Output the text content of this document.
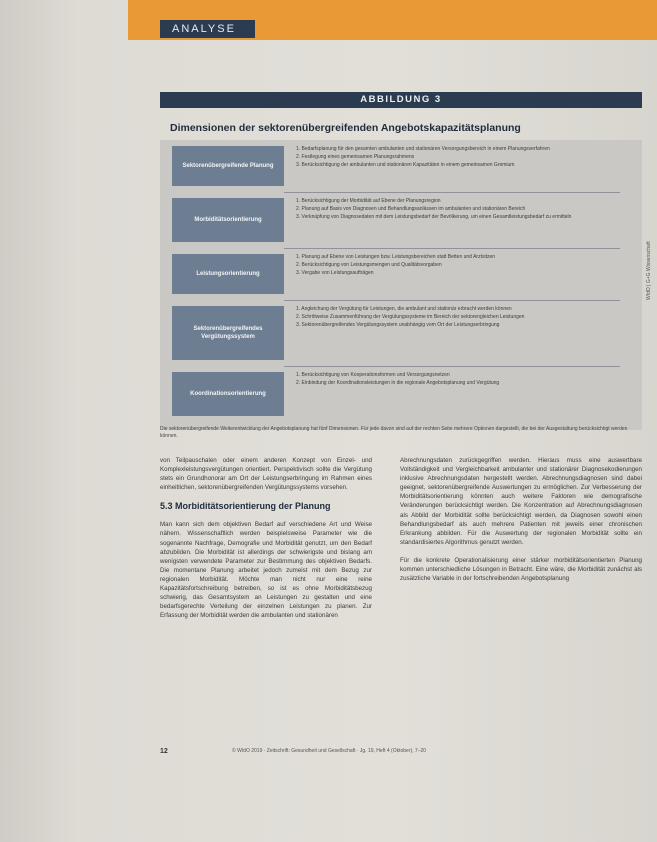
ANALYSE
ABBILDUNG 3
Dimensionen der sektorenübergreifenden Angebotskapazitätsplanung
Sektorenübergreifende Planung
1. Bedarfsplanung für den gesamten ambulanten und stationären Versorgungsbereich in einem Planungsverfahren
2. Festlegung eines gemeinsamen Planungsrahmens
3. Berücksichtigung der ambulanten und stationären Kapazitäten in einem gemeinsamen Gremium
Morbiditätsorientierung
1. Berücksichtigung der Morbidität auf Ebene der Planungsregion
2. Planung auf Basis von Diagnosen und Behandlungsanlässen im ambulanten und stationären Bereich
3. Verknüpfung von Diagnosedaten mit dem Leistungsbedarf der Bevölkerung, um einen Gesamtleistungsbedarf zu ermitteln
Leistungsorientierung
1. Planung auf Ebene von Leistungen bzw. Leistungsbereichen statt Betten und Arztsitzen
2. Berücksichtigung von Leistungsmengen und Qualitätsvorgaben
3. Vergabe von Leistungsaufträgen
Sektorenübergreifendes Vergütungssystem
1. Angleichung der Vergütung für Leistungen, die ambulant und stationär erbracht werden können
2. Schrittweise Zusammenführung der Vergütungssysteme im Bereich der sektorengleichen Leistungen
3. Sektorenübergreifendes Vergütungssystem unabhängig vom Ort der Leistungserbringung
Koordinationsorientierung
1. Berücksichtigung von Kooperationsformen und Versorgungsnetzen
2. Einbindung der Koordinationsleistungen in die regionale Angebotsplanung und Vergütung
Die sektorenübergreifende Weiterentwicklung der Angebotsplanung hat fünf Dimensionen. Für jede davon sind auf der rechten Seite mehrere Optionen dargestellt, die bei der Ausgestaltung berücksichtigt werden können.
WIdO | G+G Wissenschaft

von Teilpauschalen oder einem anderen Konzept von Einzel- und Komplexleistungsvergütungen orientiert. Perspektivisch sollte die Vergütung stets ein Grundhonorar am Ort der Leistungserbringung im Rahmen eines einheitlichen, sektorenübergreifenden Vergütungssystems vorsehen.

5.3 Morbiditätsorientierung der Planung

Man kann sich dem objektiven Bedarf auf verschiedene Art und Weise nähern. Wissenschaftlich werden beispielsweise Parameter wie die sogenannte Nachfrage, Demografie und Morbidität genutzt, um den Bedarf abzubilden. Die Morbidität ist allerdings der schwierigste und bislang am wenigsten verwendete Parameter zur Bestimmung des objektiven Bedarfs. Die momentane Planung arbeitet jedoch zumeist mit dem Bezug zur regionalen Morbidität. Möchte man nicht nur eine reine Kapazitätsfortschreibung betreiben, so ist es ohne Morbiditätsbezug schwierig, das Gesamtsystem an Leistungen zu gestalten und eine bedarfsgerechte Verteilung der einzelnen Leistungen zu planen. Zur Erfassung der Morbidität werden die ambulanten und stationären

Abrechnungsdaten zurückgegriffen werden. Hieraus muss eine auswertbare Vollständigkeit und Vergleichbarkeit ambulanter und stationärer Diagnosekodierungen inklusive Abrechnungsdaten hergestellt werden. Abrechnungsdiagnosen sind dabei geeignet, sektorenübergreifende Auswertungen zu ermöglichen. Zur Verbesserung der Morbiditätsorientierung könnten auch weitere Faktoren wie demografische Veränderungen berücksichtigt werden. Die Konzentration auf Abrechnungsdiagnosen als Abbild der Morbidität sollte berücksichtigt werden, da Diagnosen sowohl einen Behandlungsbedarf als auch mehrere Patienten mit jeweils einer chronischen Erkrankung abbilden. Für die Auswertung der regionalen Morbidität sollte ein standardisiertes Algorithmus genutzt werden.

Für die konkrete Operationalisierung einer stärker morbiditätsorientierten Planung kommen unterschiedliche Lösungen in Betracht. Eine wäre, die Morbidität zunächst als zusätzliche Variable in der fortschreibenden Angebotsplanung

12	© WIdO 2019 · Zeitschrift: Gesundheit und Gesellschaft · Jg. 19, Heft 4 (Oktober), 7–20
